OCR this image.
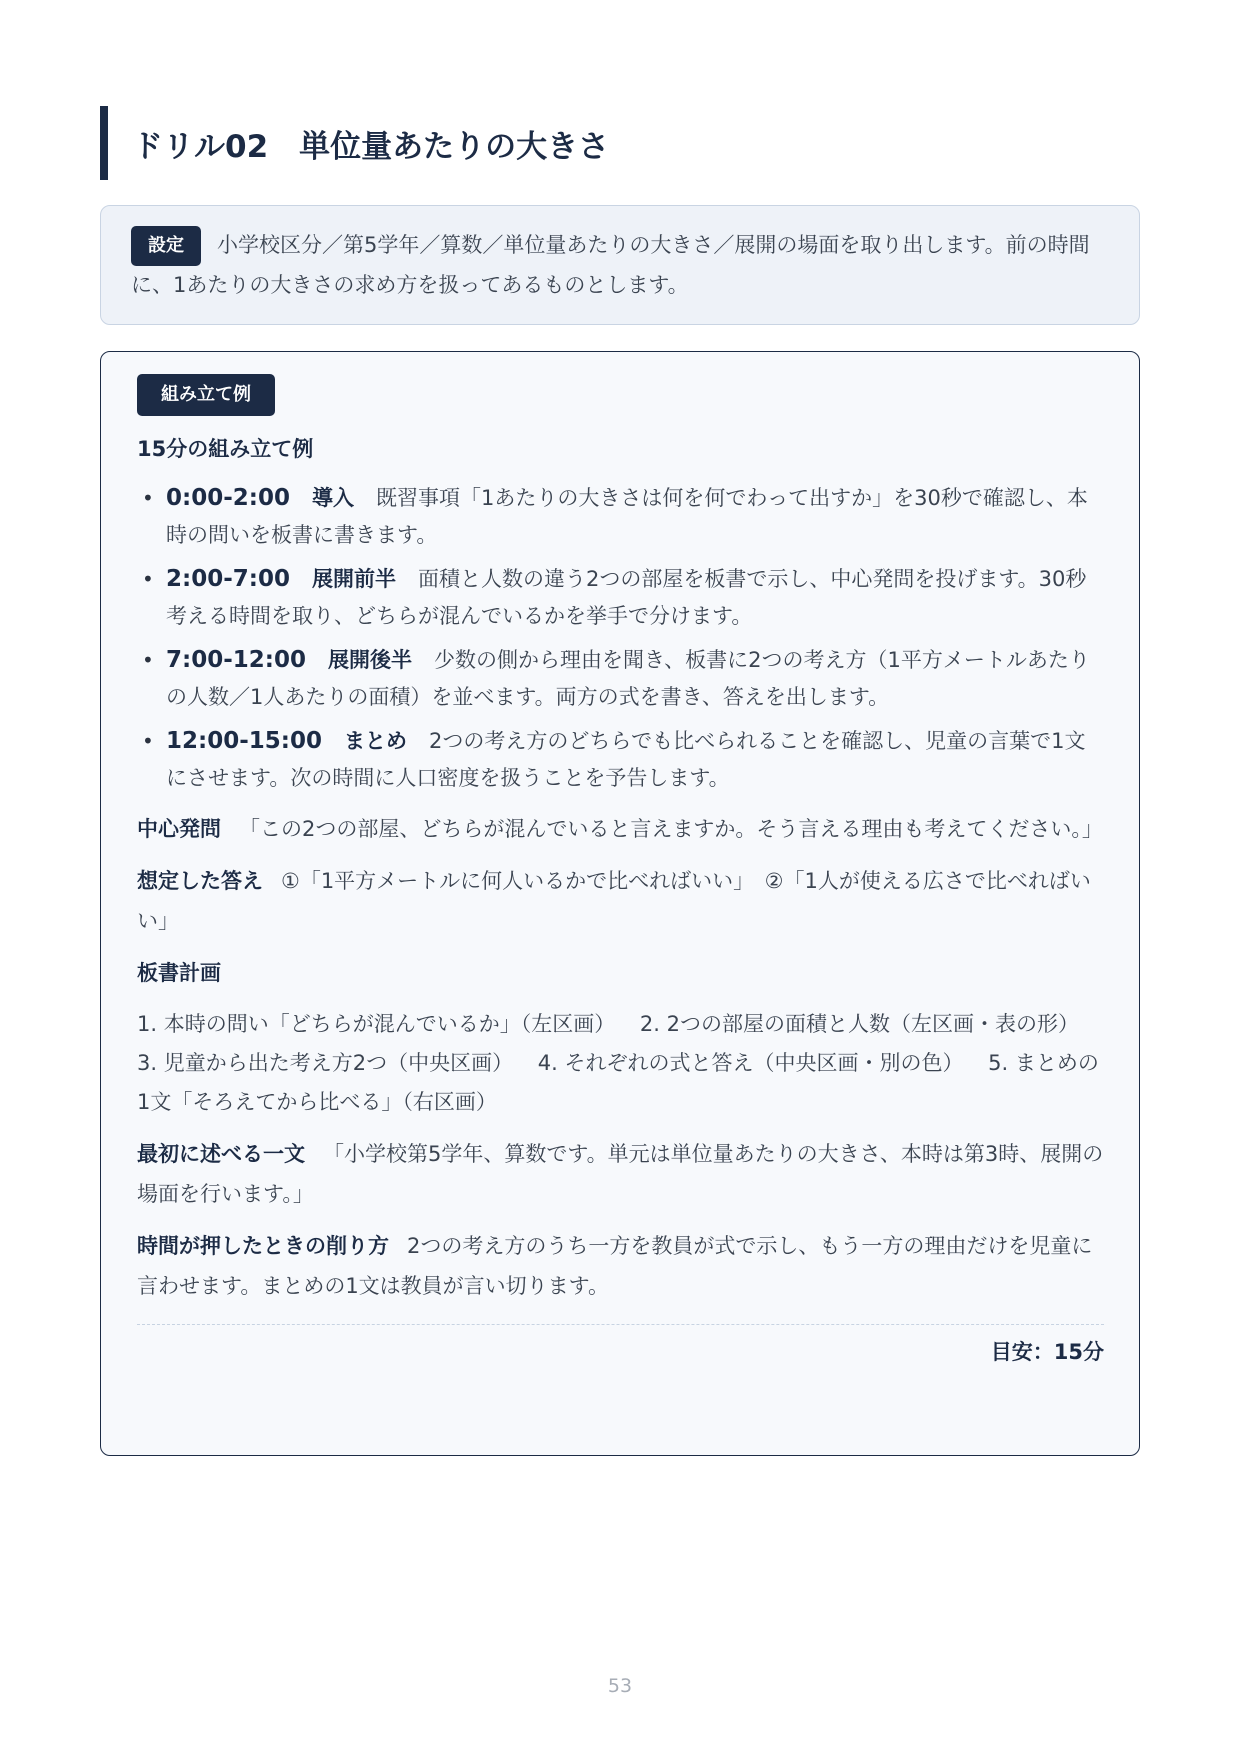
ドリル02　単位量あたりの大きさ
設定 小学校区分／第5学年／算数／単位量あたりの大きさ／展開の場面を取り出します。前の時間に、1あたりの大きさの求め方を扱ってあるものとします。
組み立て例
15分の組み立て例
• 0:00-2:00 導入 既習事項「1あたりの大きさは何を何でわって出すか」を30秒で確認し、本時の問いを板書に書きます。
• 2:00-7:00 展開前半 面積と人数の違う2つの部屋を板書で示し、中心発問を投げます。30秒考える時間を取り、どちらが混んでいるかを挙手で分けます。
• 7:00-12:00 展開後半 少数の側から理由を聞き、板書に2つの考え方（1平方メートルあたりの人数／1人あたりの面積）を並べます。両方の式を書き、答えを出します。
• 12:00-15:00 まとめ 2つの考え方のどちらでも比べられることを確認し、児童の言葉で1文にさせます。次の時間に人口密度を扱うことを予告します。
中心発問 「この2つの部屋、どちらが混んでいると言えますか。そう言える理由も考えてください。」
想定した答え ①「1平方メートルに何人いるかで比べればいい」　②「1人が使える広さで比べればいい」
板書計画
1. 本時の問い「どちらが混んでいるか」（左区画） 2. 2つの部屋の面積と人数（左区画・表の形） 3. 児童から出た考え方2つ（中央区画） 4. それぞれの式と答え（中央区画・別の色） 5. まとめの1文「そろえてから比べる」（右区画）
最初に述べる一文 「小学校第5学年、算数です。単元は単位量あたりの大きさ、本時は第3時、展開の場面を行います。」
時間が押したときの削り方 2つの考え方のうち一方を教員が式で示し、もう一方の理由だけを児童に言わせます。まとめの1文は教員が言い切ります。
目安：15分
53
